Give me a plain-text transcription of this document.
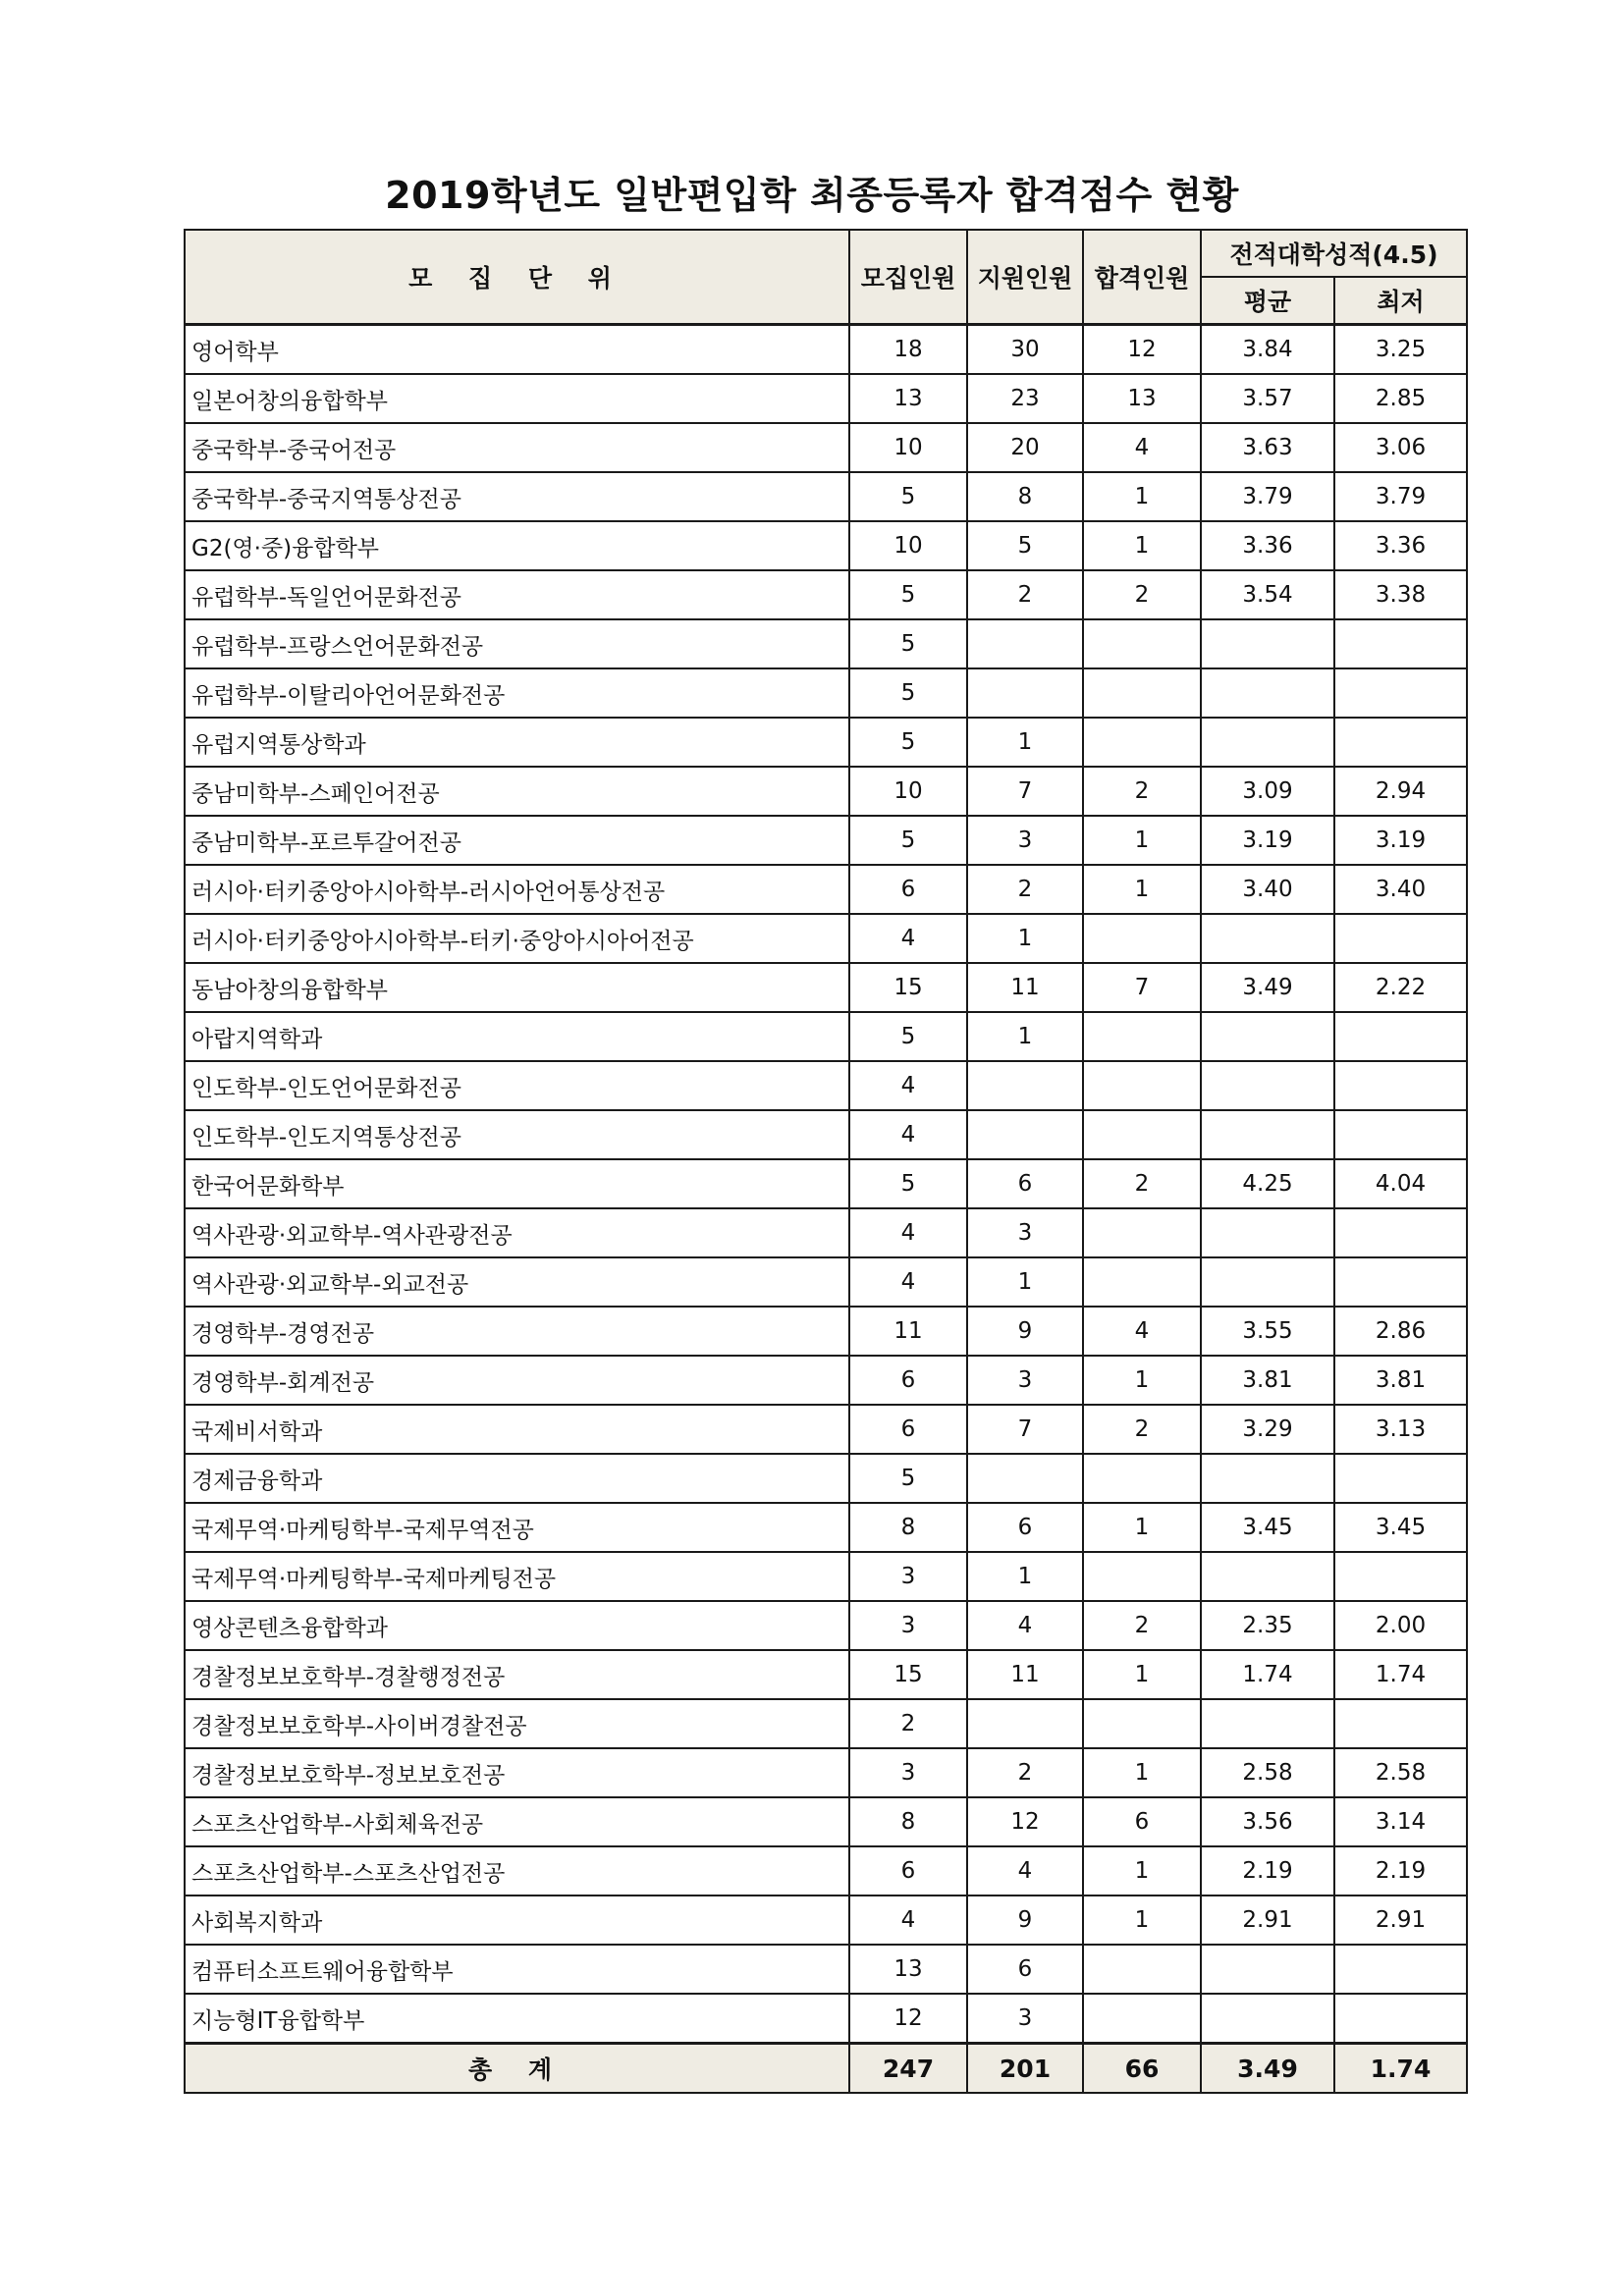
2019학년도 일반편입학 최종등록자 합격점수 현황
모 집 단 위	모집인원	지원인원	합격인원	전적대학성적(4.5)	
				평균	최저
영어학부	18	30	12	3.84	3.25
일본어창의융합학부	13	23	13	3.57	2.85
중국학부-중국어전공	10	20	4	3.63	3.06
중국학부-중국지역통상전공	5	8	1	3.79	3.79
G2(영·중)융합학부	10	5	1	3.36	3.36
유럽학부-독일언어문화전공	5	2	2	3.54	3.38
유럽학부-프랑스언어문화전공	5				
유럽학부-이탈리아언어문화전공	5				
유럽지역통상학과	5	1			
중남미학부-스페인어전공	10	7	2	3.09	2.94
중남미학부-포르투갈어전공	5	3	1	3.19	3.19
러시아·터키중앙아시아학부-러시아언어통상전공	6	2	1	3.40	3.40
러시아·터키중앙아시아학부-터키·중앙아시아어전공	4	1			
동남아창의융합학부	15	11	7	3.49	2.22
아랍지역학과	5	1			
인도학부-인도언어문화전공	4				
인도학부-인도지역통상전공	4				
한국어문화학부	5	6	2	4.25	4.04
역사관광·외교학부-역사관광전공	4	3			
역사관광·외교학부-외교전공	4	1			
경영학부-경영전공	11	9	4	3.55	2.86
경영학부-회계전공	6	3	1	3.81	3.81
국제비서학과	6	7	2	3.29	3.13
경제금융학과	5				
국제무역·마케팅학부-국제무역전공	8	6	1	3.45	3.45
국제무역·마케팅학부-국제마케팅전공	3	1			
영상콘텐츠융합학과	3	4	2	2.35	2.00
경찰정보보호학부-경찰행정전공	15	11	1	1.74	1.74
경찰정보보호학부-사이버경찰전공	2				
경찰정보보호학부-정보보호전공	3	2	1	2.58	2.58
스포츠산업학부-사회체육전공	8	12	6	3.56	3.14
스포츠산업학부-스포츠산업전공	6	4	1	2.19	2.19
사회복지학과	4	9	1	2.91	2.91
컴퓨터소프트웨어융합학부	13	6			
지능형IT융합학부	12	3			
총 계	247	201	66	3.49	1.74
